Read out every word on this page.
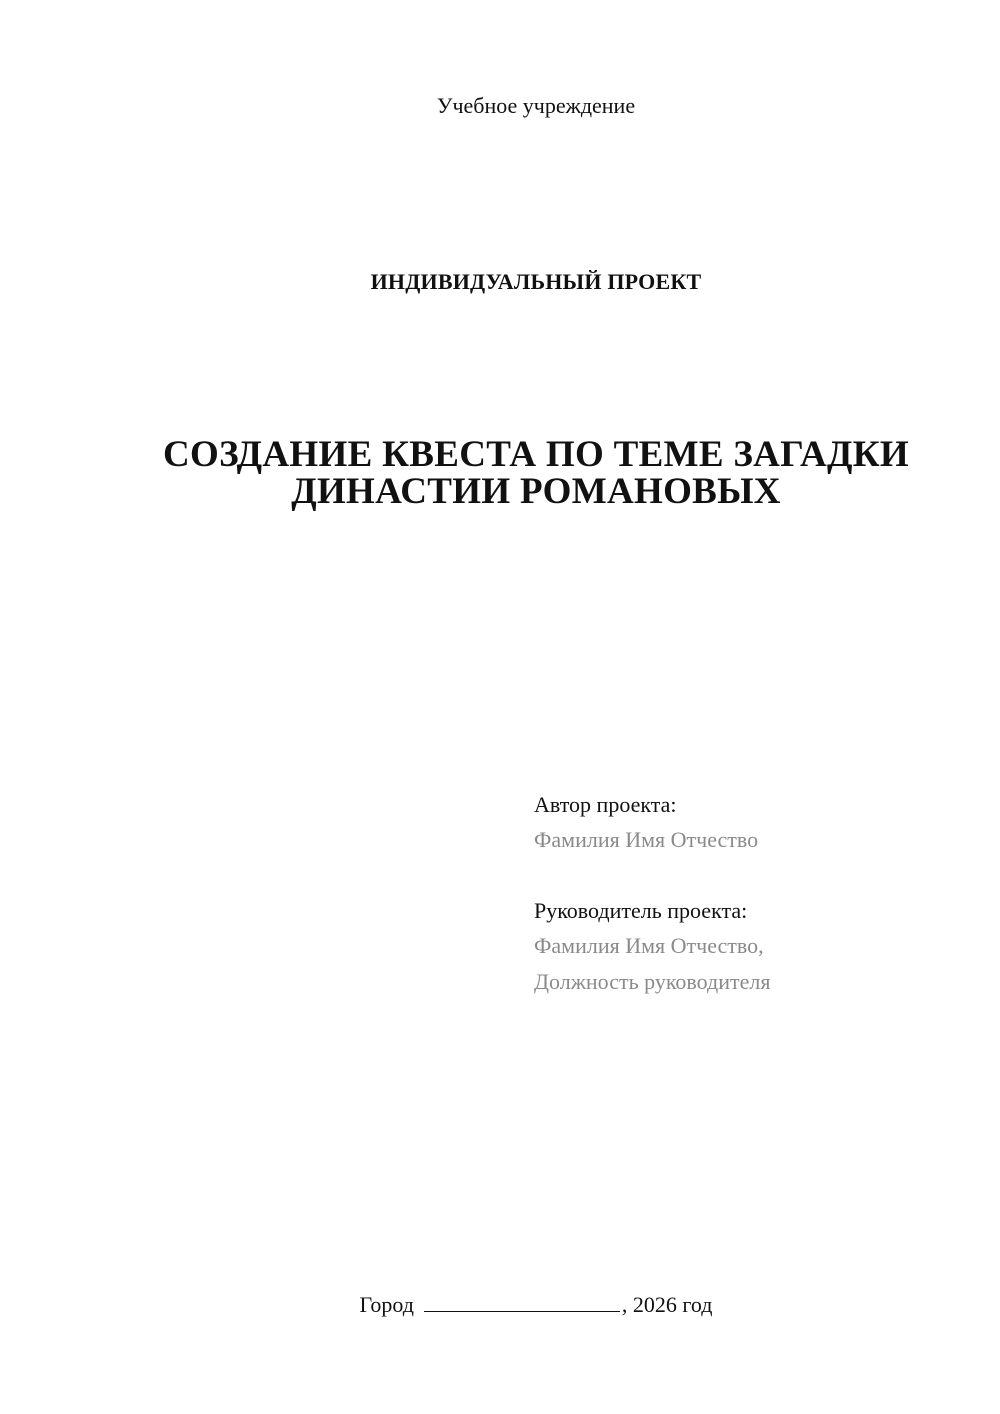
Учебное учреждение
ИНДИВИДУАЛЬНЫЙ ПРОЕКТ
СОЗДАНИЕ КВЕСТА ПО ТЕМЕ ЗАГАДКИ
ДИНАСТИИ РОМАНОВЫХ
Автор проекта:
Фамилия Имя Отчество
Руководитель проекта:
Фамилия Имя Отчество,
Должность руководителя
Город	, 2026 год
